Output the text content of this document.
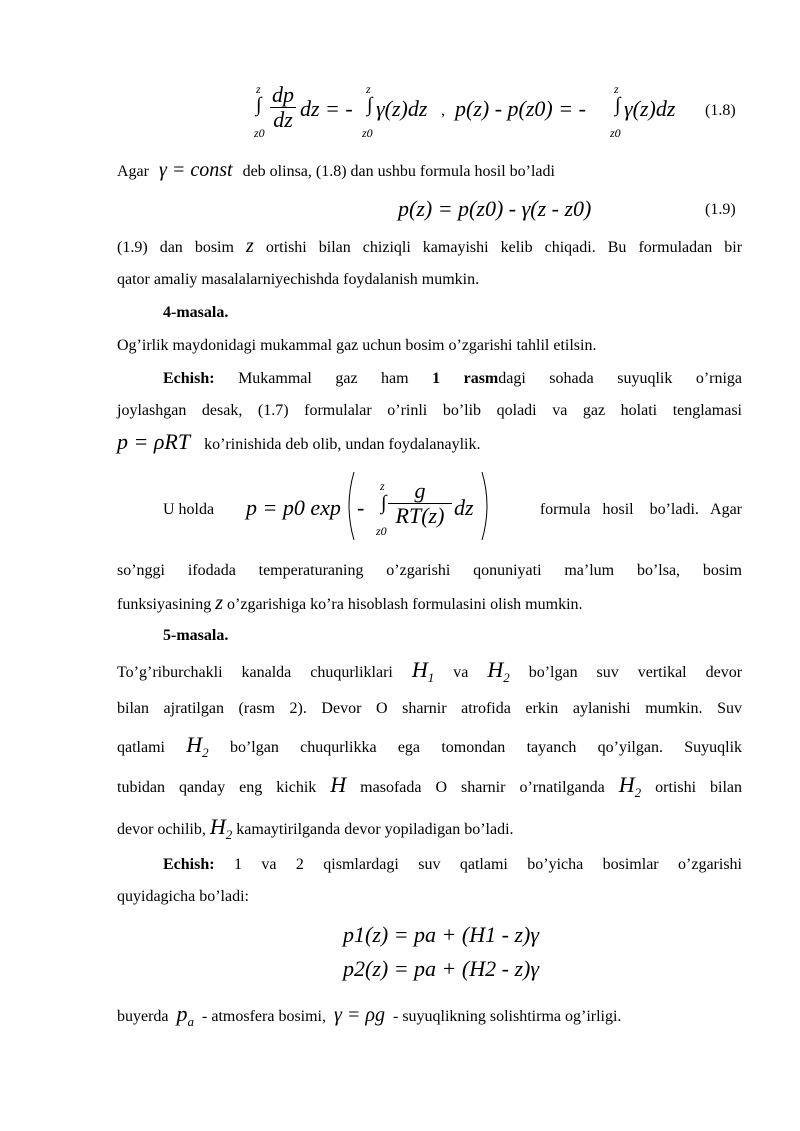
z
∫
z0
dp
dz dz = -
z
∫
z0
γ(z)dz , p(z) - p(z0) = -
z
∫
z0
γ(z)dz (1.8)
Agar γ = const deb olinsa, (1.8) dan ushbu formula hosil bo’ladi
p(z) = p(z0) - γ(z - z0)	(1.9)
(1.9) dan bosim z ortishi bilan chiziqli kamayishi kelib chiqadi. Bu formuladan bir
qator amaliy masalalarniyechishda foydalanish mumkin.
4-masala.
Og’irlik maydonidagi mukammal gaz uchun bosim o’zgarishi tahlil etilsin.
Echish: Mukammal gaz ham 1 rasmdagi sohada suyuqlik o’rniga
joylashgan desak, (1.7) formulalar o’rinli bo’lib qoladi va gaz holati tenglamasi
p = ρRT ko’rinishida deb olib, undan foydalanaylik.
U holda p = p0 exp -
z
∫
z0
g
RT(z) dz	formula   hosil    bo’ladi.   Agar
so’nggi ifodada temperaturaning o’zgarishi qonuniyati ma’lum bo’lsa, bosim
funksiyasining z o’zgarishiga ko’ra hisoblash formulasini olish mumkin.
5-masala.
To’g’riburchakli kanalda chuqurliklari $H_1$ va $H_2$ bo’lgan suv vertikal devor
bilan ajratilgan (rasm 2). Devor O sharnir atrofida erkin aylanishi mumkin. Suv
qatlami $H_2$ bo’lgan chuqurlikka ega tomondan tayanch qo’yilgan. Suyuqlik
tubidan qanday eng kichik H masofada O sharnir o’rnatilganda $H_2$ ortishi bilan
devor ochilib, $H_2$ kamaytirilganda devor yopiladigan bo’ladi.
Echish: 1 va 2 qismlardagi suv qatlami bo’yicha bosimlar o’zgarishi
quyidagicha bo’ladi:
p1(z) = pa + (H1 - z)γ
p2(z) = pa + (H2 - z)γ
buyerda $p_a$ - atmosfera bosimi, γ = ρg - suyuqlikning solishtirma og’irligi.
